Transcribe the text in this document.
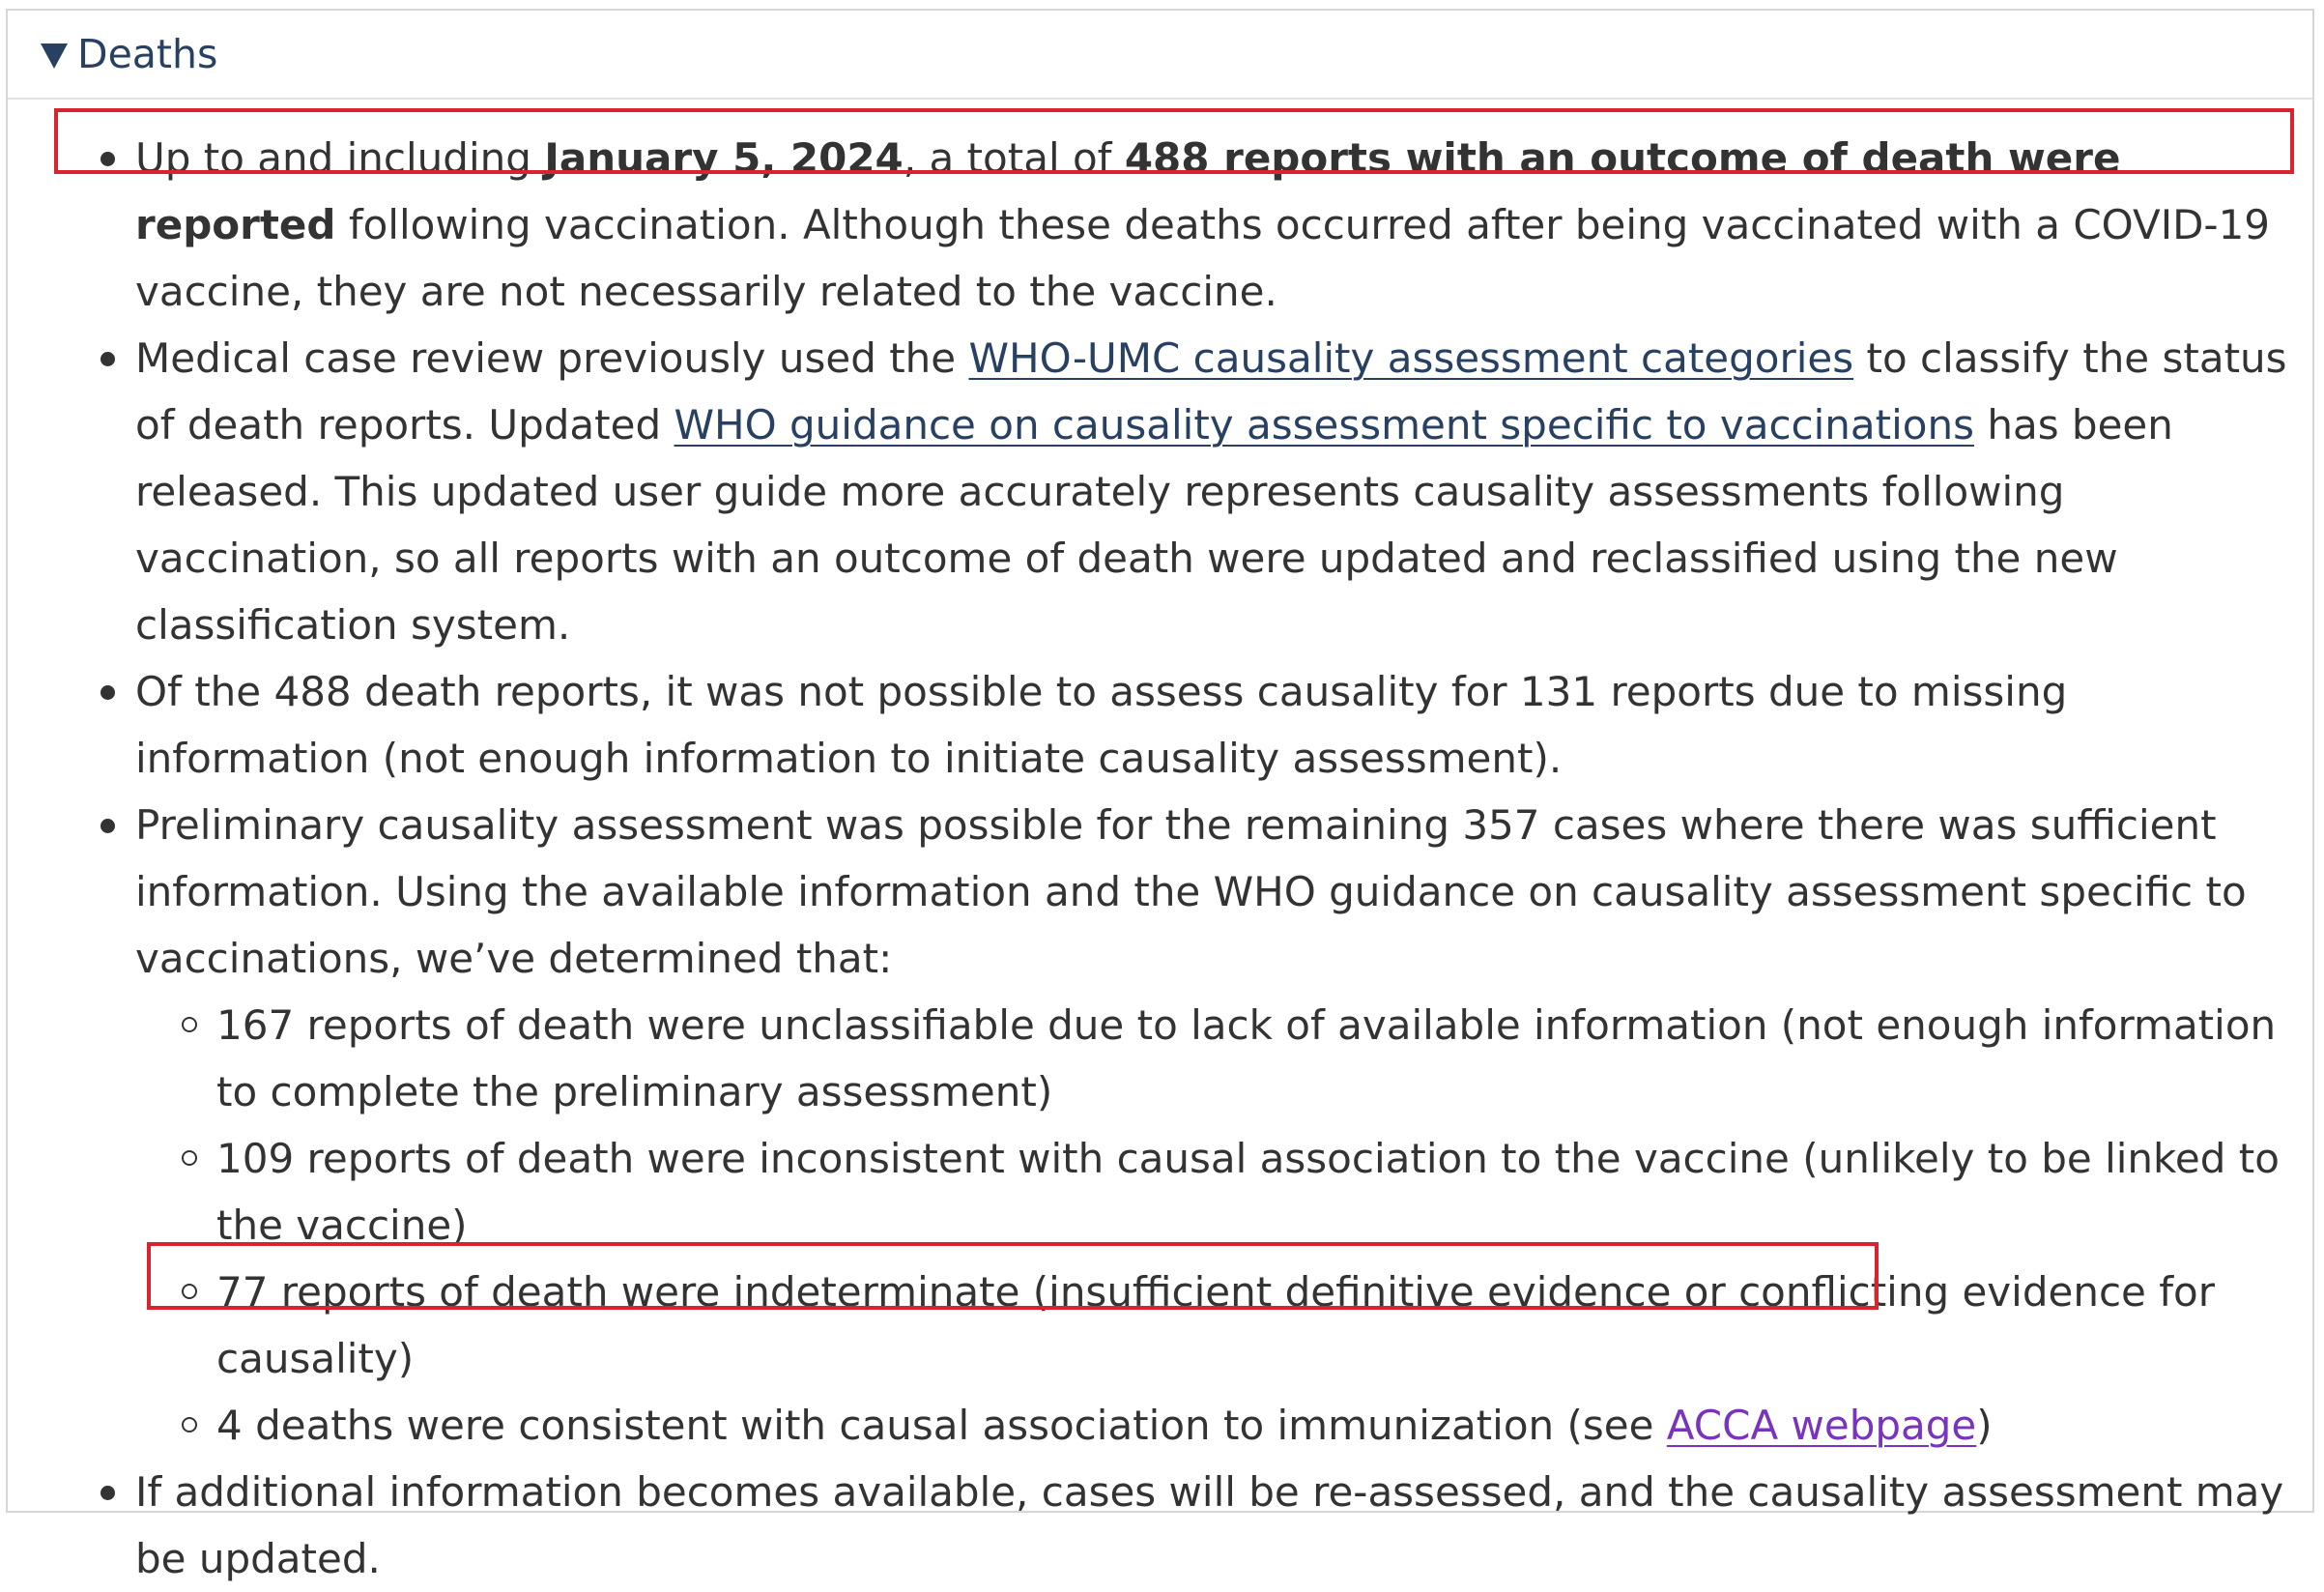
Deaths
Up to and including January 5, 2024, a total of 488 reports with an outcome of death were reported following vaccination. Although these deaths occurred after being vaccinated with a COVID-19 vaccine, they are not necessarily related to the vaccine.
Medical case review previously used the WHO-UMC causality assessment categories to classify the status of death reports. Updated WHO guidance on causality assessment specific to vaccinations has been released. This updated user guide more accurately represents causality assessments following vaccination, so all reports with an outcome of death were updated and reclassified using the new classification system.
Of the 488 death reports, it was not possible to assess causality for 131 reports due to missing information (not enough information to initiate causality assessment).
Preliminary causality assessment was possible for the remaining 357 cases where there was sufficient information. Using the available information and the WHO guidance on causality assessment specific to vaccinations, we’ve determined that:
167 reports of death were unclassifiable due to lack of available information (not enough information to complete the preliminary assessment)
109 reports of death were inconsistent with causal association to the vaccine (unlikely to be linked to the vaccine)
77 reports of death were indeterminate (insufficient definitive evidence or conflicting evidence for causality)
4 deaths were consistent with causal association to immunization (see ACCA webpage)
If additional information becomes available, cases will be re-assessed, and the causality assessment may be updated.
